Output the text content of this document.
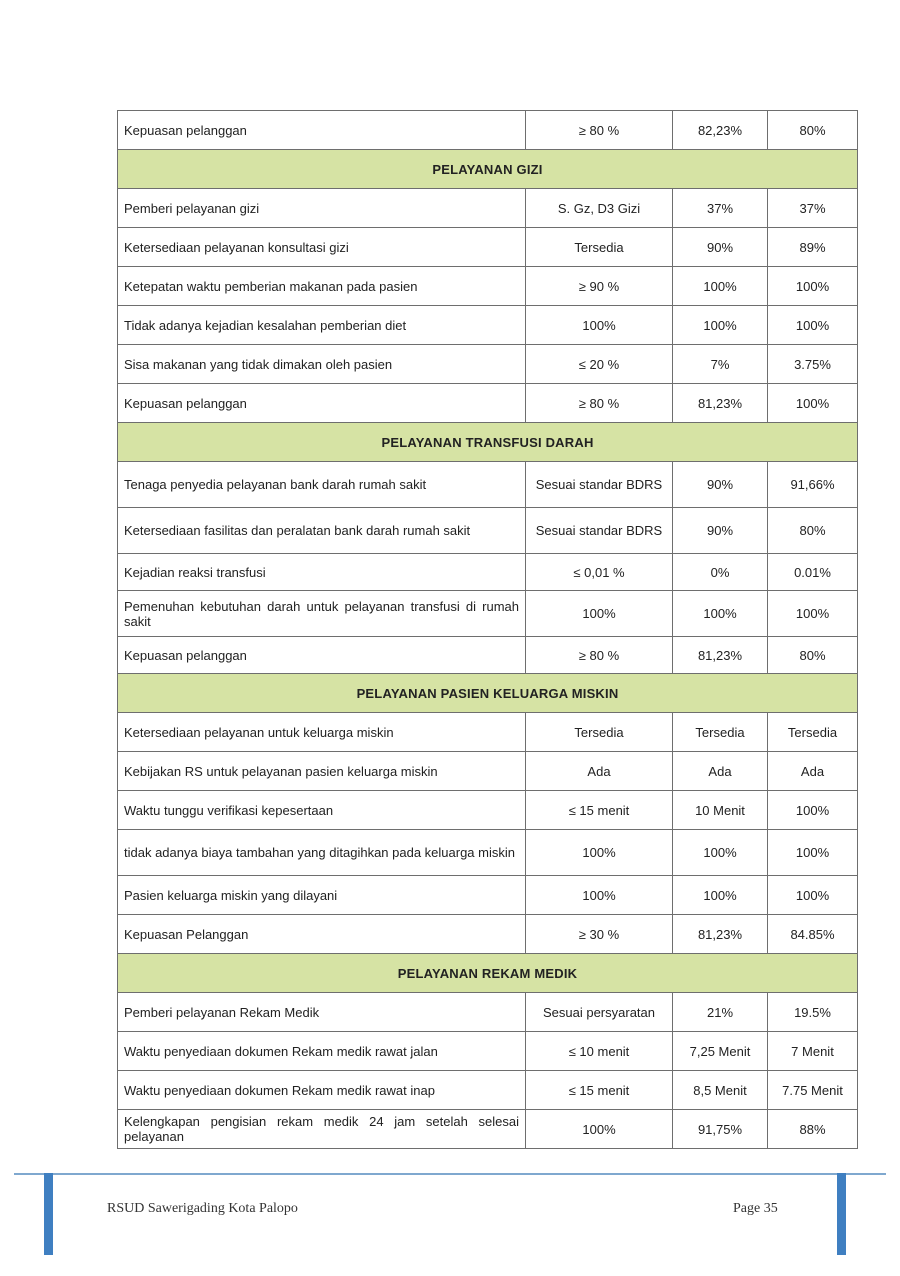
Kepuasan pelanggan	≥ 80 %	82,23%	80%
PELAYANAN GIZI			
Pemberi pelayanan gizi	S. Gz, D3 Gizi	37%	37%
Ketersediaan pelayanan konsultasi gizi	Tersedia	90%	89%
Ketepatan waktu pemberian makanan pada pasien	≥ 90 %	100%	100%
Tidak adanya kejadian kesalahan pemberian diet	100%	100%	100%
Sisa makanan yang tidak dimakan oleh pasien	≤ 20 %	7%	3.75%
Kepuasan pelanggan	≥ 80 %	81,23%	100%
PELAYANAN TRANSFUSI DARAH			
Tenaga penyedia pelayanan bank darah rumah sakit	Sesuai standar BDRS	90%	91,66%
Ketersediaan fasilitas dan peralatan bank darah rumah sakit	Sesuai standar BDRS	90%	80%
Kejadian reaksi transfusi	≤ 0,01 %	0%	0.01%
Pemenuhan kebutuhan darah untuk pelayanan transfusi di rumah sakit	100%	100%	100%
Kepuasan pelanggan	≥ 80 %	81,23%	80%
PELAYANAN PASIEN KELUARGA MISKIN			
Ketersediaan pelayanan untuk keluarga miskin	Tersedia	Tersedia	Tersedia
Kebijakan RS untuk pelayanan pasien keluarga miskin	Ada	Ada	Ada
Waktu tunggu verifikasi kepesertaan	≤ 15 menit	10 Menit	100%
tidak adanya biaya tambahan yang ditagihkan pada keluarga miskin	100%	100%	100%
Pasien keluarga miskin yang dilayani	100%	100%	100%
Kepuasan Pelanggan	≥ 30 %	81,23%	84.85%
PELAYANAN REKAM MEDIK			
Pemberi pelayanan Rekam Medik	Sesuai persyaratan	21%	19.5%
Waktu penyediaan dokumen Rekam medik rawat jalan	≤ 10 menit	7,25 Menit	7 Menit
Waktu penyediaan dokumen Rekam medik rawat inap	≤ 15 menit	8,5 Menit	7.75 Menit
Kelengkapan pengisian rekam medik 24 jam setelah selesai pelayanan	100%	91,75%	88%
RSUD Sawerigading Kota Palopo	Page 35
